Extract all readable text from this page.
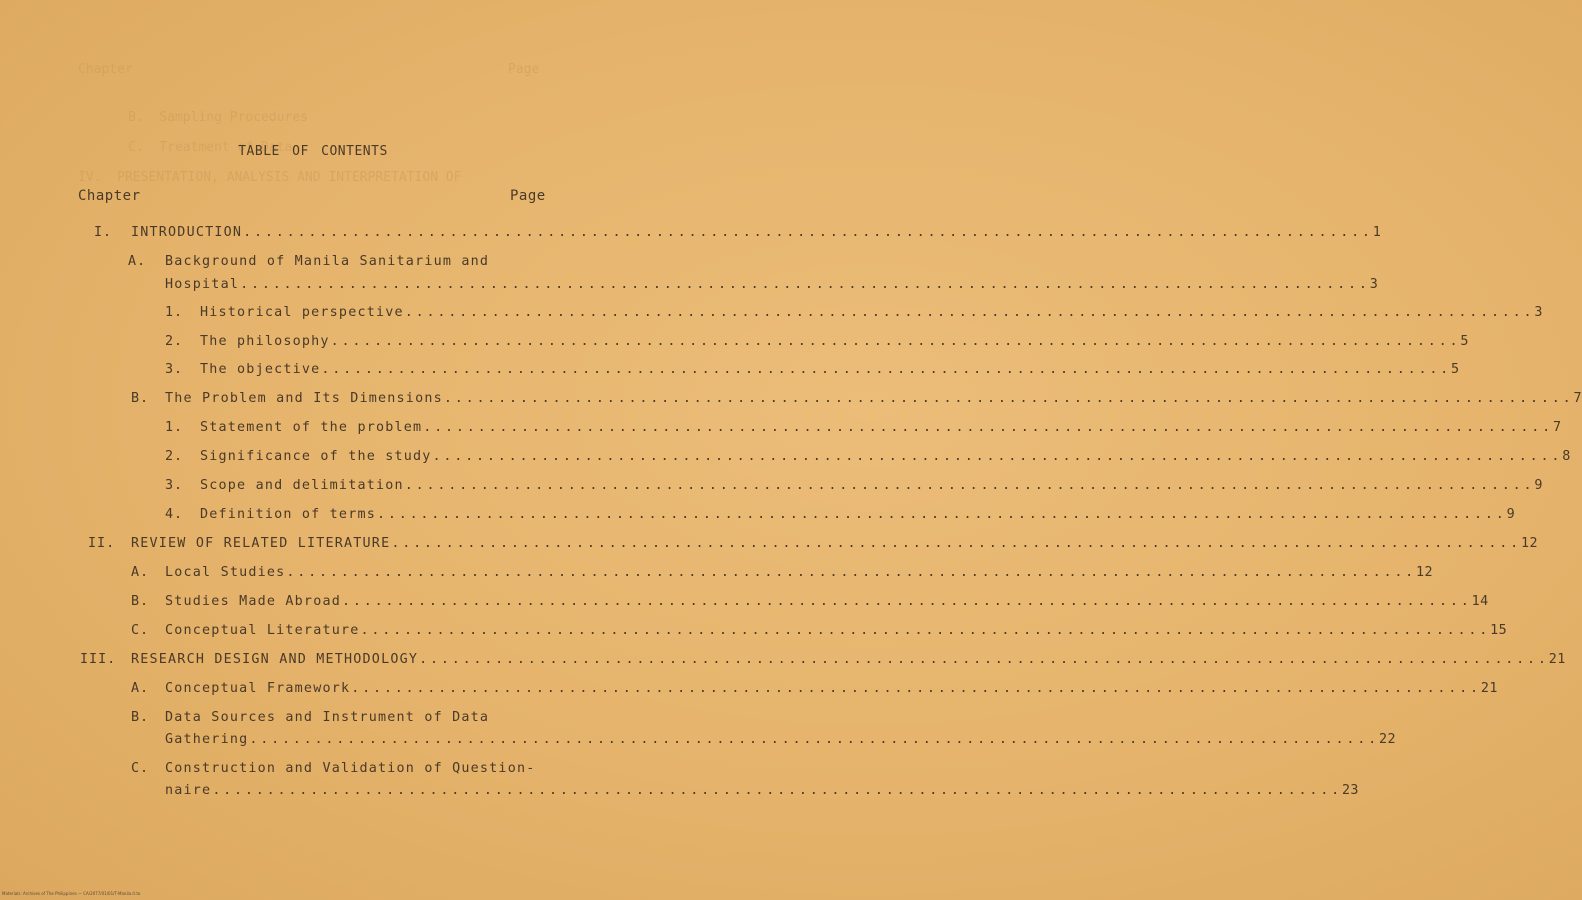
Chapter	Page
B.  Sampling Procedures
C.  Treatment of Data
IV.  PRESENTATION, ANALYSIS AND INTERPRETATION OF
TABLE OF CONTENTS
Chapter	Page
I. INTRODUCTION ........................................................................................................ 1
A. Background of Manila Sanitarium and
Hospital ........................................................................................................ 3
1. Historical perspective ........................................................................................................ 3
2. The philosophy ........................................................................................................ 5
3. The objective ........................................................................................................ 5
B. The Problem and Its Dimensions ........................................................................................................ 7
1. Statement of the problem ........................................................................................................ 7
2. Significance of the study ........................................................................................................ 8
3. Scope and delimitation ........................................................................................................ 9
4. Definition of terms ........................................................................................................ 9
II. REVIEW OF RELATED LITERATURE ........................................................................................................ 12
A. Local Studies ........................................................................................................ 12
B. Studies Made Abroad ........................................................................................................ 14
C. Conceptual Literature ........................................................................................................ 15
III. RESEARCH DESIGN AND METHODOLOGY ........................................................................................................ 21
A. Conceptual Framework ........................................................................................................ 21
B. Data Sources and Instrument of Data
Gathering ........................................................................................................ 22
C. Construction and Validation of Question-
naire ........................................................................................................ 23
Materials: Archives of The Philippines — CA/2077/01/01/T-Manila.it.to
